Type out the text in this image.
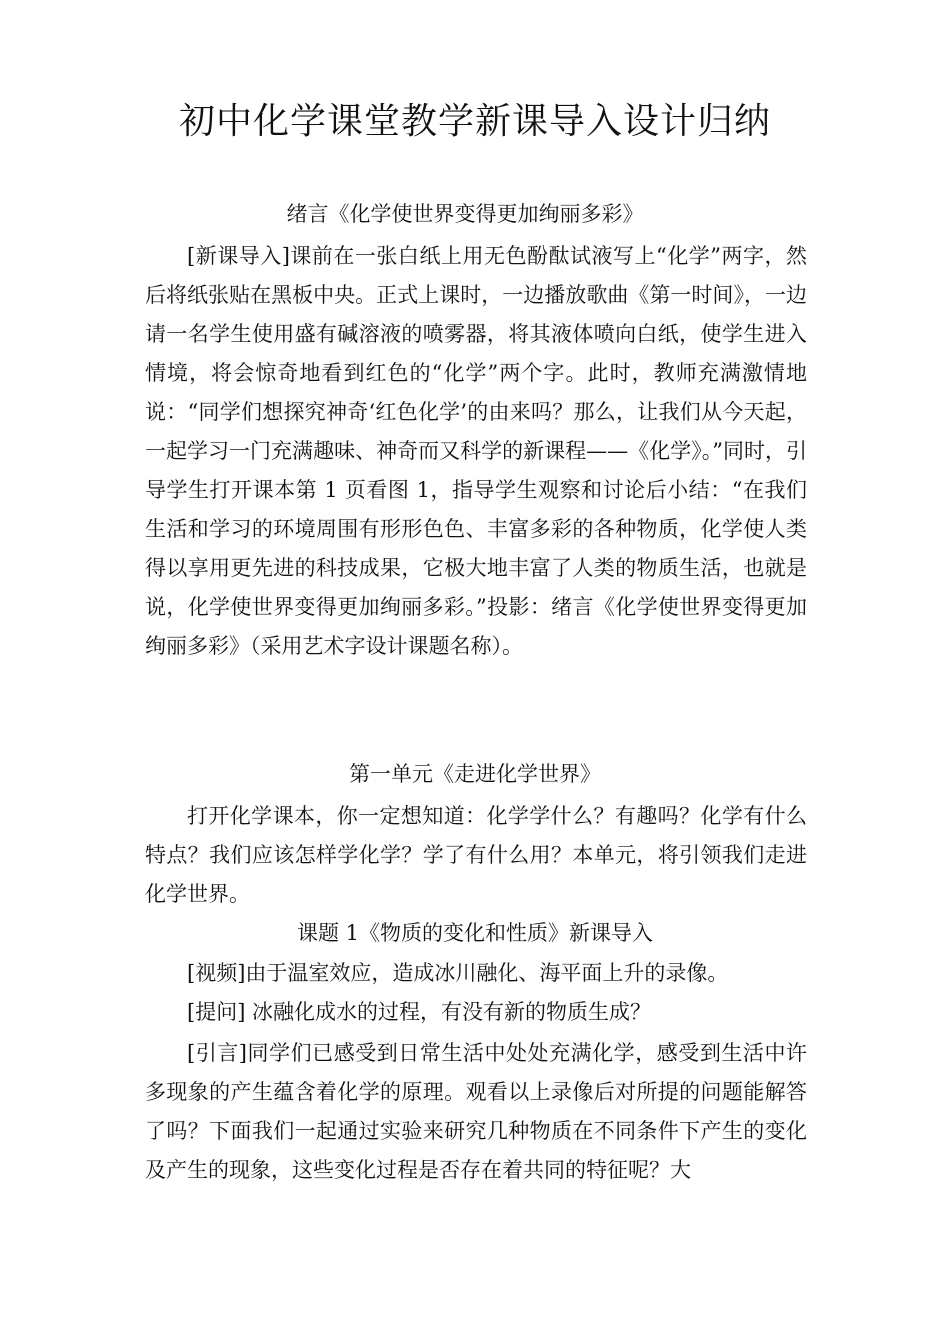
初中化学课堂教学新课导入设计归纳
绪言《化学使世界变得更加绚丽多彩》

[新课导入]课前在一张白纸上用无色酚酞试液写上“化学”两字，然后将纸张贴在黑板中央。正式上课时，一边播放歌曲《第一时间》，一边请一名学生使用盛有碱溶液的喷雾器，将其液体喷向白纸，使学生进入情境，将会惊奇地看到红色的“化学”两个字。此时，教师充满激情地说：“同学们想探究神奇‘红色化学’的由来吗？那么，让我们从今天起，一起学习一门充满趣味、神奇而又科学的新课程——《化学》。”同时，引导学生打开课本第 1 页看图 1，指导学生观察和讨论后小结：“在我们生活和学习的环境周围有形形色色、丰富多彩的各种物质，化学使人类得以享用更先进的科技成果，它极大地丰富了人类的物质生活，也就是说，化学使世界变得更加绚丽多彩。”投影：绪言《化学使世界变得更加绚丽多彩》（采用艺术字设计课题名称）。

第一单元《走进化学世界》

打开化学课本，你一定想知道：化学学什么？有趣吗？化学有什么特点？我们应该怎样学化学？学了有什么用？本单元，将引领我们走进化学世界。

课题 1《物质的变化和性质》新课导入

[视频]由于温室效应，造成冰川融化、海平面上升的录像。

[提问] 冰融化成水的过程，有没有新的物质生成？

[引言]同学们已感受到日常生活中处处充满化学，感受到生活中许多现象的产生蕴含着化学的原理。观看以上录像后对所提的问题能解答了吗？下面我们一起通过实验来研究几种物质在不同条件下产生的变化及产生的现象，这些变化过程是否存在着共同的特征呢？大
